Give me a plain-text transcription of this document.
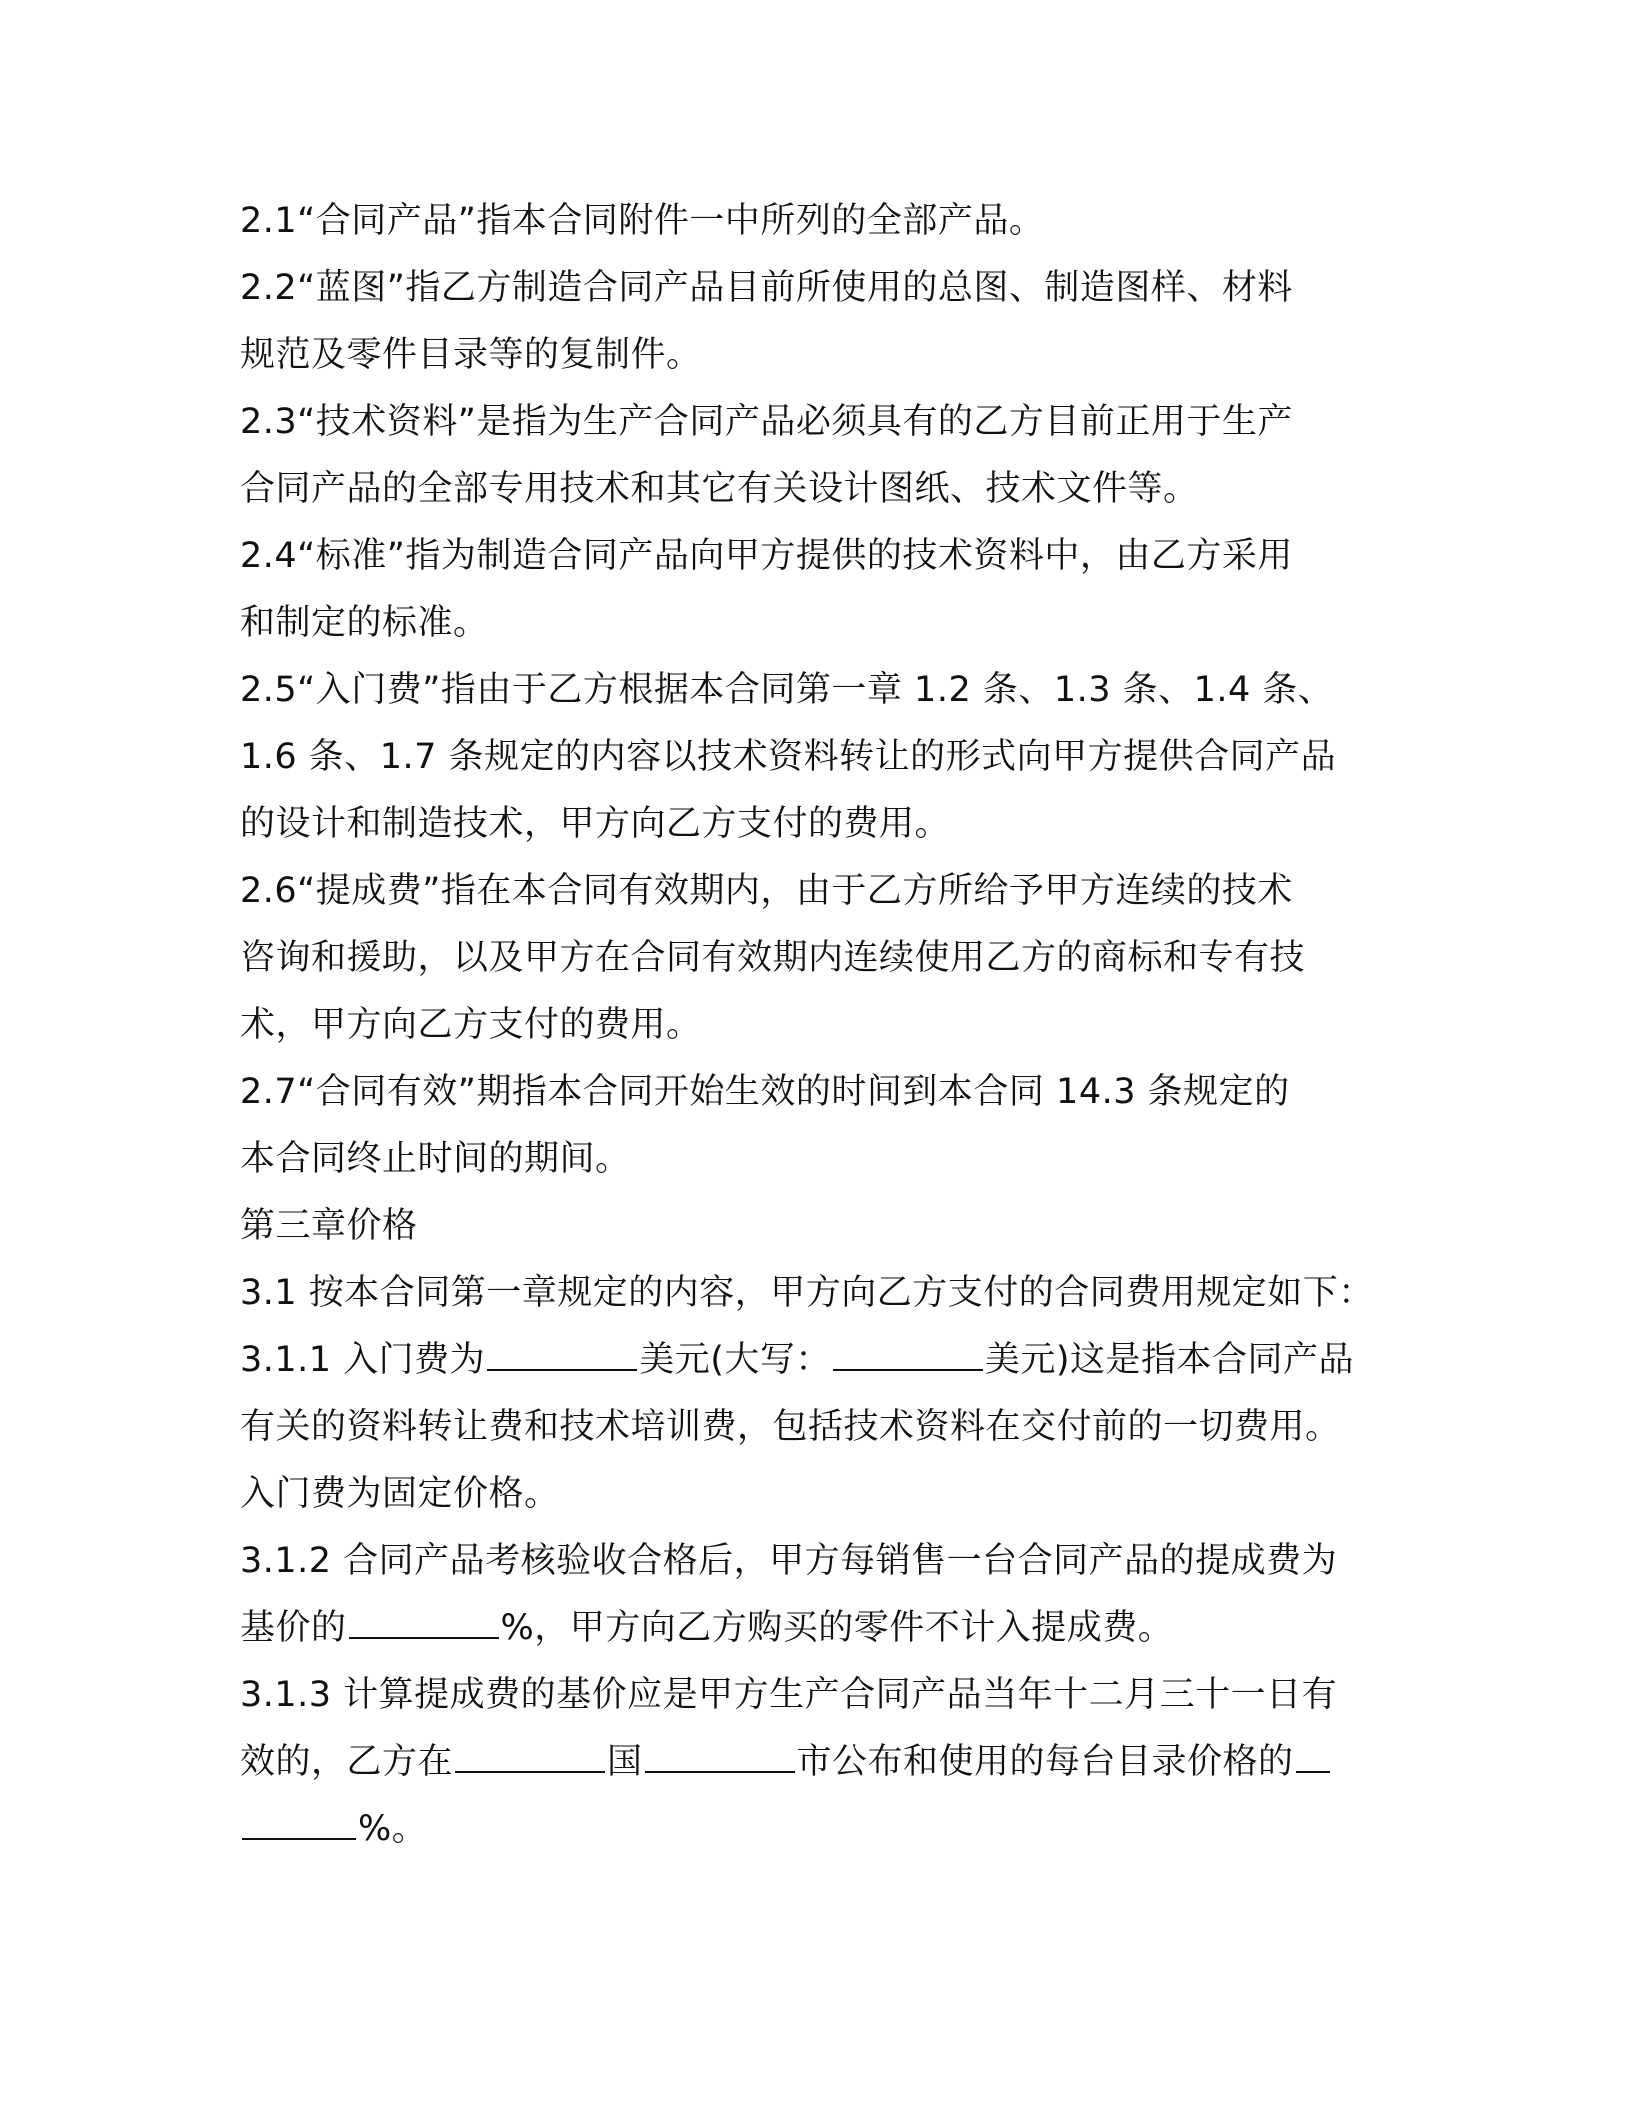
2.1“合同产品”指本合同附件一中所列的全部产品。

2.2“蓝图”指乙方制造合同产品目前所使用的总图、制造图样、材料
规范及零件目录等的复制件。

2.3“技术资料”是指为生产合同产品必须具有的乙方目前正用于生产
合同产品的全部专用技术和其它有关设计图纸、技术文件等。

2.4“标准”指为制造合同产品向甲方提供的技术资料中，由乙方采用
和制定的标准。

2.5“入门费”指由于乙方根据本合同第一章 1.2 条、1.3 条、1.4 条、
1.6 条、1.7 条规定的内容以技术资料转让的形式向甲方提供合同产品
的设计和制造技术，甲方向乙方支付的费用。

2.6“提成费”指在本合同有效期内，由于乙方所给予甲方连续的技术
咨询和援助，以及甲方在合同有效期内连续使用乙方的商标和专有技
术，甲方向乙方支付的费用。

2.7“合同有效”期指本合同开始生效的时间到本合同 14.3 条规定的
本合同终止时间的期间。

第三章价格

3.1 按本合同第一章规定的内容，甲方向乙方支付的合同费用规定如下：

3.1.1 入门费为	美元(大写：	美元)这是指本合同产品
有关的资料转让费和技术培训费，包括技术资料在交付前的一切费用。
入门费为固定价格。

3.1.2 合同产品考核验收合格后，甲方每销售一台合同产品的提成费为
基价的	%，甲方向乙方购买的零件不计入提成费。

3.1.3 计算提成费的基价应是甲方生产合同产品当年十二月三十一日有
效的，乙方在	国	市公布和使用的每台目录价格的
%。
